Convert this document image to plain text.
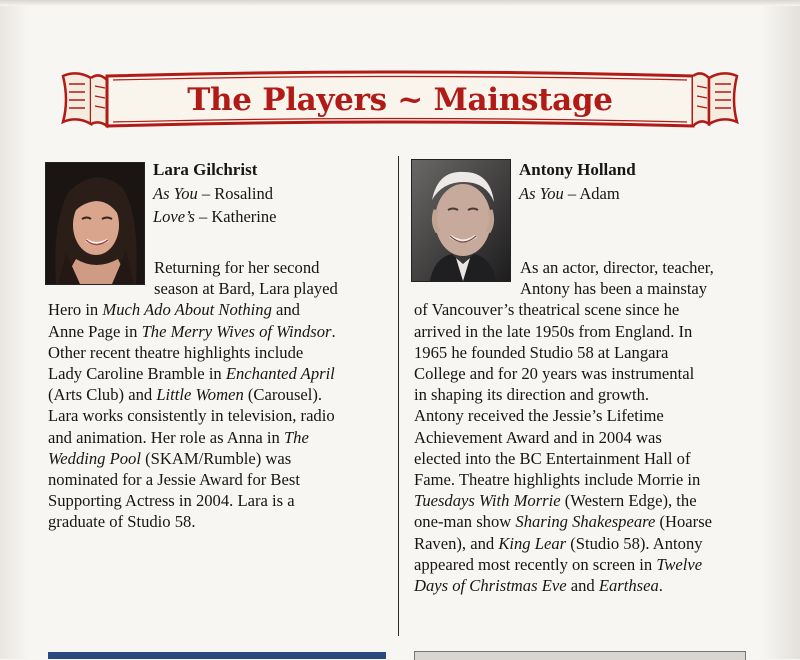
The Players ~ Mainstage
Lara Gilchrist
As You – Rosalind
Love’s – Katherine
Returning for her second
season at Bard, Lara played
Hero in Much Ado About Nothing and
Anne Page in The Merry Wives of Windsor.
Other recent theatre highlights include
Lady Caroline Bramble in Enchanted April
(Arts Club) and Little Women (Carousel).
Lara works consistently in television, radio
and animation. Her role as Anna in The
Wedding Pool (SKAM/Rumble) was
nominated for a Jessie Award for Best
Supporting Actress in 2004. Lara is a
graduate of Studio 58.
Antony Holland
As You – Adam
As an actor, director, teacher,
Antony has been a mainstay
of Vancouver’s theatrical scene since he
arrived in the late 1950s from England. In
1965 he founded Studio 58 at Langara
College and for 20 years was instrumental
in shaping its direction and growth.
Antony received the Jessie’s Lifetime
Achievement Award and in 2004 was
elected into the BC Entertainment Hall of
Fame. Theatre highlights include Morrie in
Tuesdays With Morrie (Western Edge), the
one-man show Sharing Shakespeare (Hoarse
Raven), and King Lear (Studio 58). Antony
appeared most recently on screen in Twelve
Days of Christmas Eve and Earthsea.
